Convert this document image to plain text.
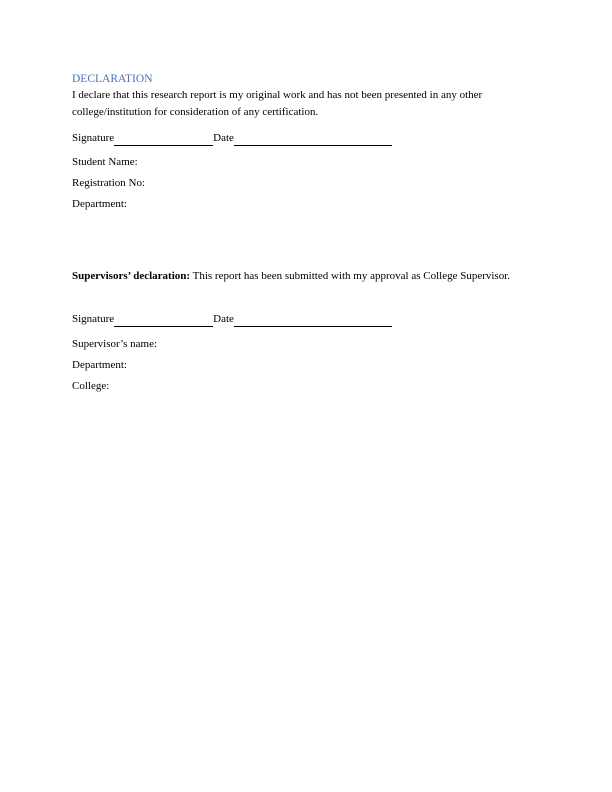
DECLARATION
I declare that this research report is my original work and has not been presented in any other college/institution for consideration of any certification.
Signature	Date
Student Name:
Registration No:
Department:
Supervisors’ declaration: This report has been submitted with my approval as College Supervisor.
Signature	Date
Supervisor’s name:
Department:
College:
